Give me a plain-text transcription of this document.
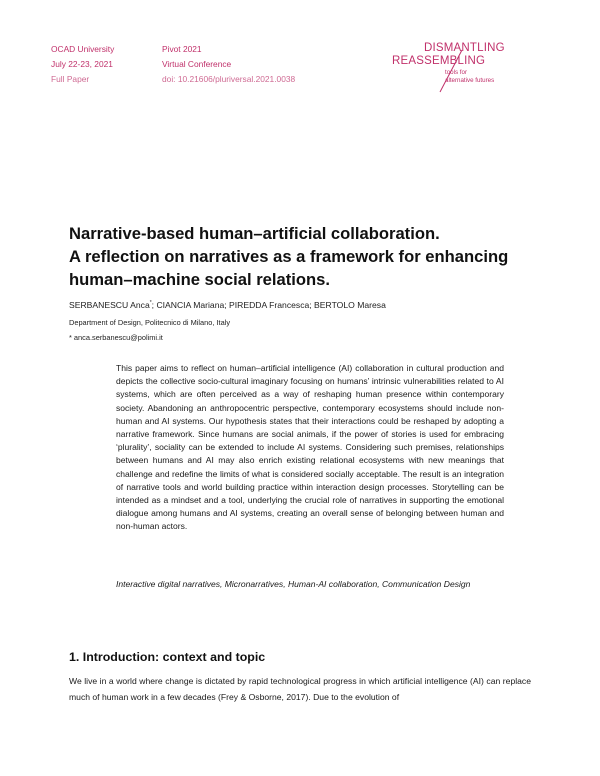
OCAD University
July 22-23, 2021
Full Paper
Pivot 2021
Virtual Conference
doi: 10.21606/pluriversal.2021.0038
DISMANTLING
REASSEMBLING
tools for
alternative futures
Narrative-based human–artificial collaboration.
A reflection on narratives as a framework for enhancing
human–machine social relations.
SERBANESCU Anca*; CIANCIA Mariana; PIREDDA Francesca; BERTOLO Maresa
Department of Design, Politecnico di Milano, Italy
* anca.serbanescu@polimi.it

This paper aims to reflect on human–artificial intelligence (AI) collaboration in cultural production and depicts the collective socio-cultural imaginary focusing on humans’ intrinsic vulnerabilities related to AI systems, which are often perceived as a way of reshaping human presence within contemporary society. Abandoning an anthropocentric perspective, contemporary ecosystems should include non-human and AI systems. Our hypothesis states that their interactions could be reshaped by adopting a narrative framework. Since humans are social animals, if the power of stories is used for embracing ‘plurality’, sociality can be extended to include AI systems. Considering such premises, relationships between humans and AI may also enrich existing relational ecosystems with new meanings that challenge and redefine the limits of what is considered socially acceptable. The result is an integration of narrative tools and world building practice within interaction design processes. Storytelling can be intended as a mindset and a tool, underlying the crucial role of narratives in supporting the emotional dialogue among humans and AI systems, creating an overall sense of belonging between human and non-human actors.

Interactive digital narratives, Micronarratives, Human-AI collaboration, Communication Design

1. Introduction: context and topic

We live in a world where change is dictated by rapid technological progress in which artificial intelligence (AI) can replace much of human work in a few decades (Frey & Osborne, 2017). Due to the evolution of
